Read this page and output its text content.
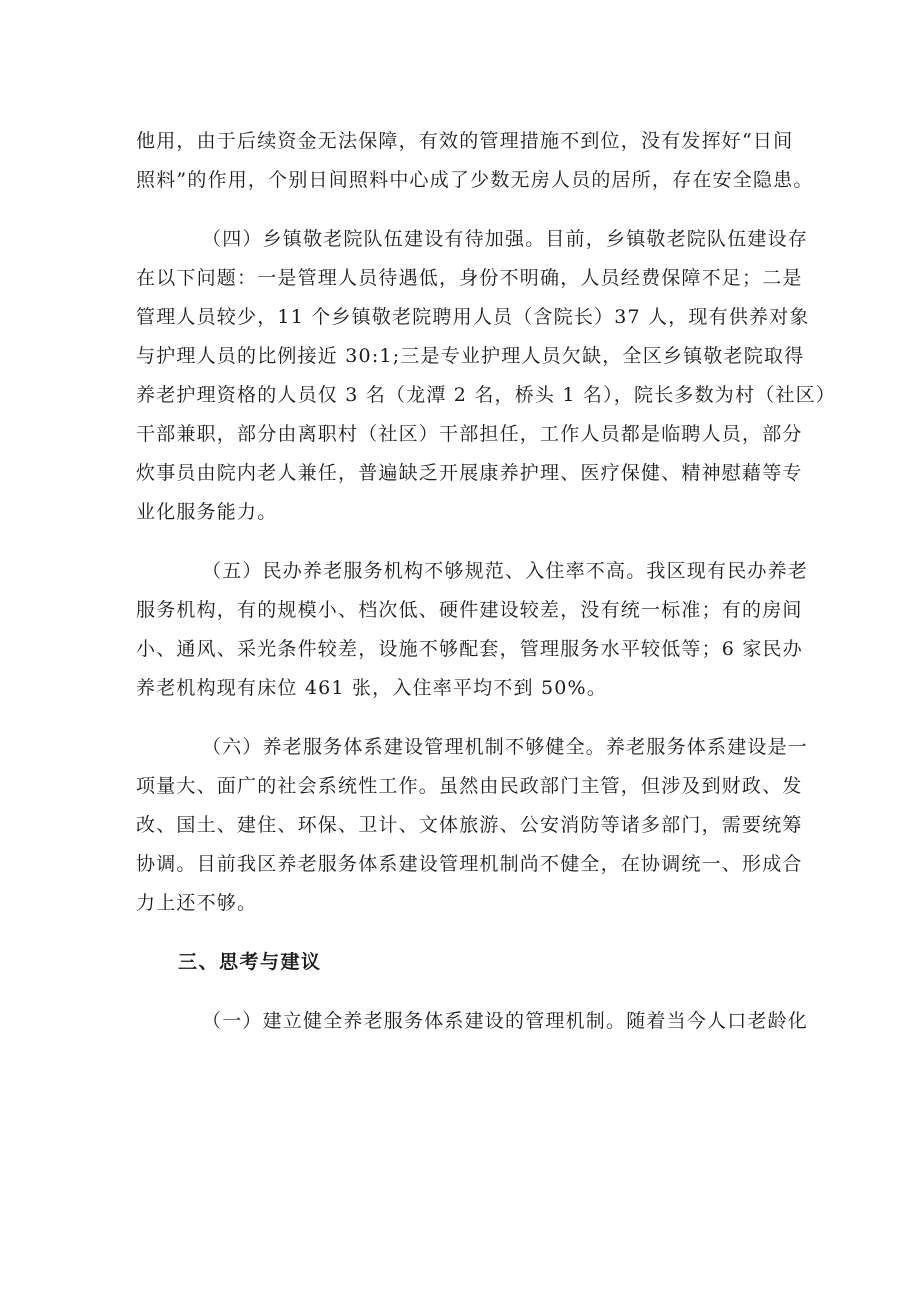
他用，由于后续资金无法保障，有效的管理措施不到位，没有发挥好“日间
照料”的作用，个别日间照料中心成了少数无房人员的居所，存在安全隐患。

（四）乡镇敬老院队伍建设有待加强。目前，乡镇敬老院队伍建设存
在以下问题：一是管理人员待遇低，身份不明确，人员经费保障不足；二是
管理人员较少，11 个乡镇敬老院聘用人员（含院长）37 人，现有供养对象
与护理人员的比例接近 30:1;三是专业护理人员欠缺，全区乡镇敬老院取得
养老护理资格的人员仅 3 名（龙潭 2 名，桥头 1 名），院长多数为村（社区）
干部兼职，部分由离职村（社区）干部担任，工作人员都是临聘人员，部分
炊事员由院内老人兼任，普遍缺乏开展康养护理、医疗保健、精神慰藉等专
业化服务能力。

（五）民办养老服务机构不够规范、入住率不高。我区现有民办养老
服务机构，有的规模小、档次低、硬件建设较差，没有统一标准；有的房间
小、通风、采光条件较差，设施不够配套，管理服务水平较低等；6 家民办
养老机构现有床位 461 张，入住率平均不到 50%。

（六）养老服务体系建设管理机制不够健全。养老服务体系建设是一
项量大、面广的社会系统性工作。虽然由民政部门主管，但涉及到财政、发
改、国土、建住、环保、卫计、文体旅游、公安消防等诸多部门，需要统筹
协调。目前我区养老服务体系建设管理机制尚不健全，在协调统一、形成合
力上还不够。

三、思考与建议

（一）建立健全养老服务体系建设的管理机制。随着当今人口老龄化
